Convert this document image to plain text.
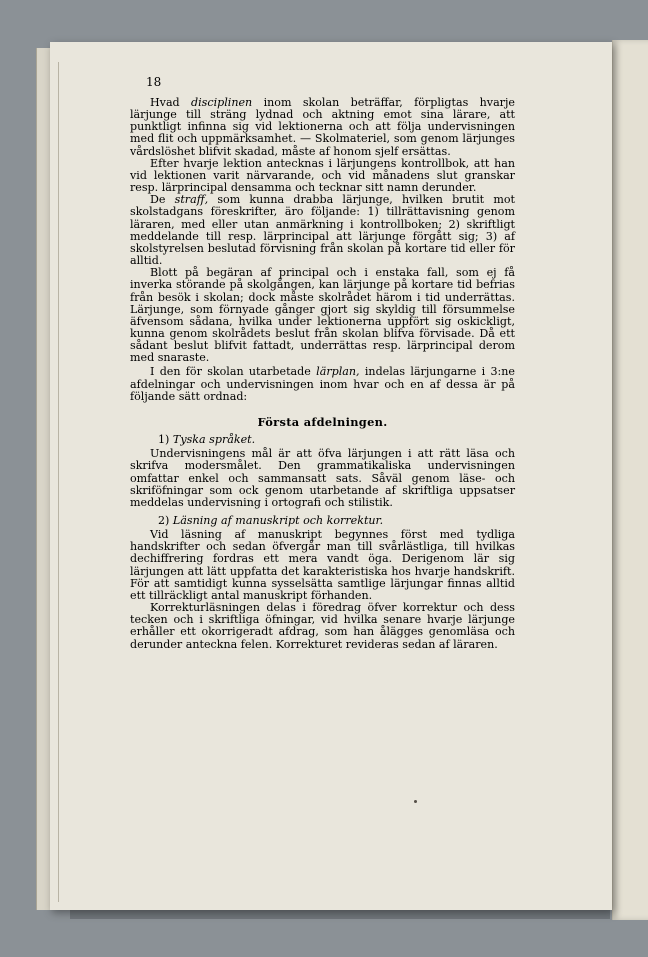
18

Hvad disciplinen inom skolan beträffar, förpligtas hvarje lärjunge till sträng lydnad och aktning emot sina lärare, att punktligt infinna sig vid lektionerna och att följa undervisningen med flit och uppmärksamhet. — Skolmateriel, som genom lärjunges vårdslöshet blifvit skadad, måste af honom sjelf ersättas.

Efter hvarje lektion antecknas i lärjungens kontrollbok, att han vid lektionen varit närvarande, och vid månadens slut granskar resp. lärprincipal densamma och tecknar sitt namn derunder.

De straff, som kunna drabba lärjunge, hvilken brutit mot skolstadgans föreskrifter, äro följande: 1) tillrättavisning genom läraren, med eller utan anmärkning i kontrollboken; 2) skriftligt meddelande till resp. lärprincipal att lärjunge förgått sig; 3) af skolstyrelsen beslutad förvisning från skolan på kortare tid eller för alltid.

Blott på begäran af principal och i enstaka fall, som ej få inverka störande på skolgången, kan lärjunge på kortare tid befrias från besök i skolan; dock måste skolrådet härom i tid underrättas. Lärjunge, som förnyade gånger gjort sig skyldig till försummelse äfvensom sådana, hvilka under lektionerna uppfört sig oskickligt, kunna genom skolrådets beslut från skolan blifva förvisade. Då ett sådant beslut blifvit fattadt, underrättas resp. lärprincipal derom med snaraste.

I den för skolan utarbetade lärplan, indelas lärjungarne i 3:ne afdelningar och undervisningen inom hvar och en af dessa är på följande sätt ordnad:

Första afdelningen.

1) Tyska språket.

Undervisningens mål är att öfva lärjungen i att rätt läsa och skrifva modersmålet. Den grammatikaliska undervisningen omfattar enkel och sammansatt sats. Såväl genom läse- och skriföfningar som ock genom utarbetande af skriftliga uppsatser meddelas undervisning i ortografi och stilistik.

2) Läsning af manuskript och korrektur.

Vid läsning af manuskript begynnes först med tydliga handskrifter och sedan öfvergår man till svårlästliga, till hvilkas dechiffrering fordras ett mera vandt öga. Derigenom lär sig lärjungen att lätt uppfatta det karakteristiska hos hvarje handskrift. För att samtidigt kunna sysselsätta samtlige lärjungar finnas alltid ett tillräckligt antal manuskript förhanden.

Korrekturläsningen delas i föredrag öfver korrektur och dess tecken och i skriftliga öfningar, vid hvilka senare hvarje lärjunge erhåller ett okorrigeradt afdrag, som han ålägges genomläsa och derunder anteckna felen. Korrekturet revideras sedan af läraren.
